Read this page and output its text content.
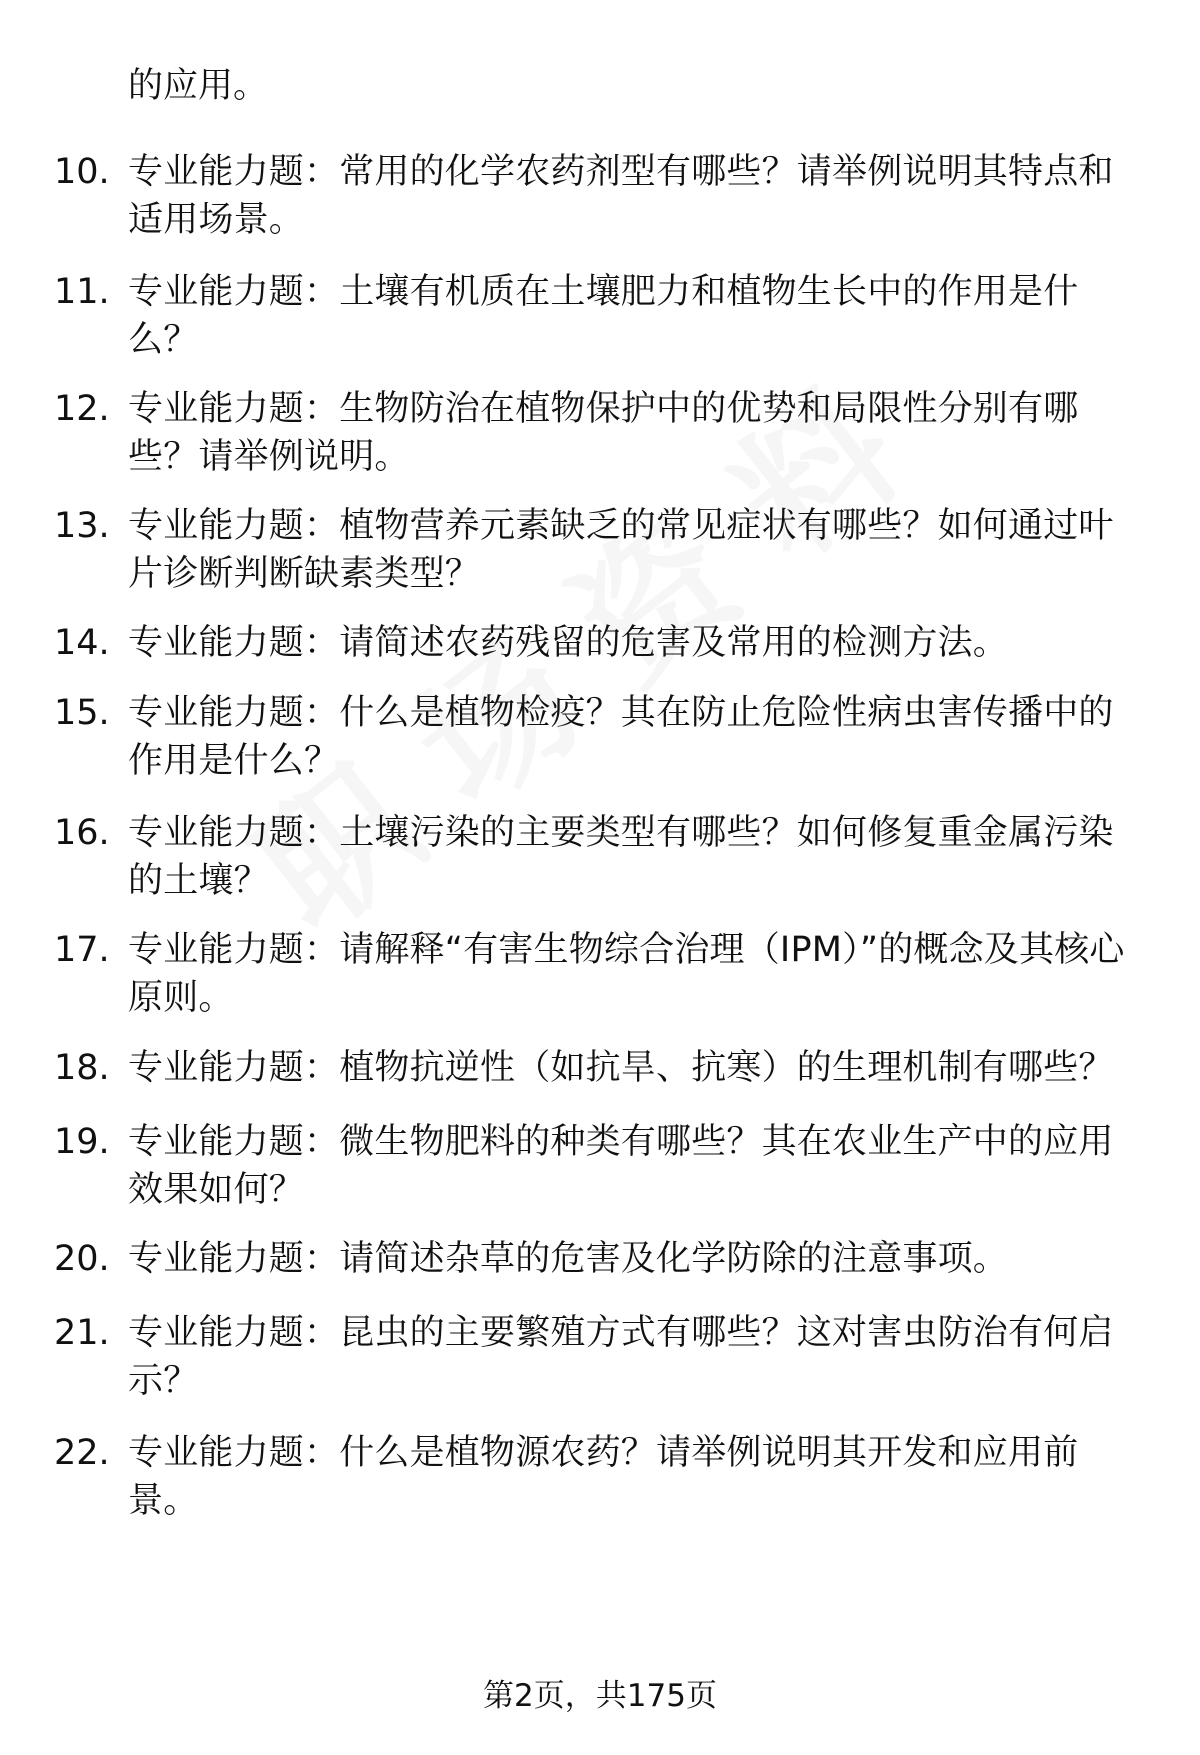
的应用。
10. 专业能力题：常用的化学农药剂型有哪些？请举例说明其特点和适用场景。
11. 专业能力题：土壤有机质在土壤肥力和植物生长中的作用是什么？
12. 专业能力题：生物防治在植物保护中的优势和局限性分别有哪些？请举例说明。
13. 专业能力题：植物营养元素缺乏的常见症状有哪些？如何通过叶片诊断判断缺素类型？
14. 专业能力题：请简述农药残留的危害及常用的检测方法。
15. 专业能力题：什么是植物检疫？其在防止危险性病虫害传播中的作用是什么？
16. 专业能力题：土壤污染的主要类型有哪些？如何修复重金属污染的土壤？
17. 专业能力题：请解释“有害生物综合治理（IPM）”的概念及其核心原则。
18. 专业能力题：植物抗逆性（如抗旱、抗寒）的生理机制有哪些？
19. 专业能力题：微生物肥料的种类有哪些？其在农业生产中的应用效果如何？
20. 专业能力题：请简述杂草的危害及化学防除的注意事项。
21. 专业能力题：昆虫的主要繁殖方式有哪些？这对害虫防治有何启示？
22. 专业能力题：什么是植物源农药？请举例说明其开发和应用前景。
第2页，共175页
